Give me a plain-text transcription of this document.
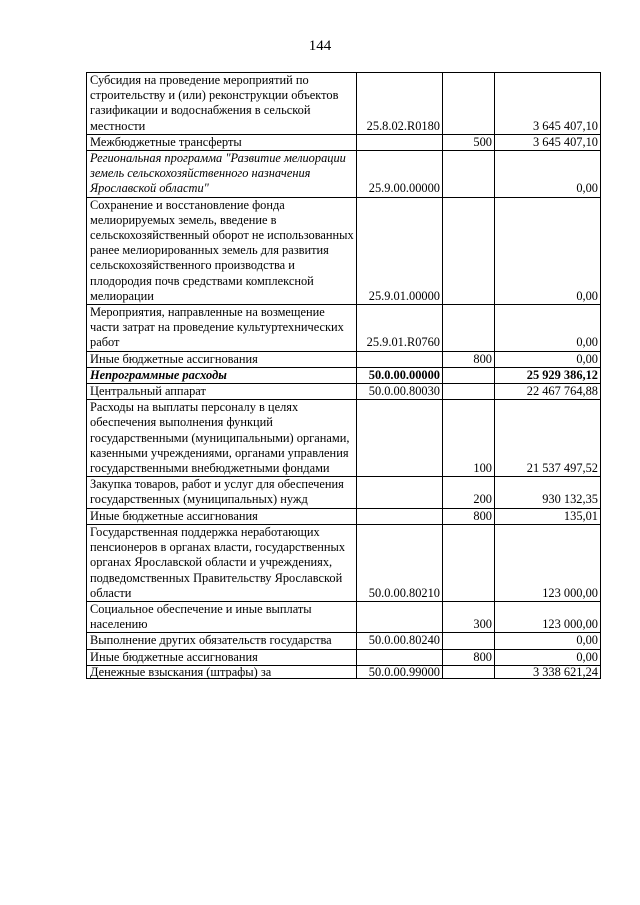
144
Субсидия на проведение мероприятий по строительству и (или) реконструкции объектов газификации и водоснабжения в сельской местности	25.8.02.R0180		3 645 407,10
Межбюджетные трансферты		500	3 645 407,10
Региональная программа "Развитие мелиорации земель сельскохозяйственного назначения Ярославской области"	25.9.00.00000		0,00
Сохранение и восстановление фонда мелиорируемых земель, введение в сельскохозяйственный оборот не использованных ранее мелиорированных земель для развития сельскохозяйственного производства и плодородия почв средствами комплексной мелиорации	25.9.01.00000		0,00
Мероприятия, направленные на возмещение части затрат на проведение культуртехнических работ	25.9.01.R0760		0,00
Иные бюджетные ассигнования		800	0,00
Непрограммные расходы	50.0.00.00000		25 929 386,12
Центральный аппарат	50.0.00.80030		22 467 764,88
Расходы на выплаты персоналу в целях обеспечения выполнения функций государственными (муниципальными) органами, казенными учреждениями, органами управления государственными внебюджетными фондами		100	21 537 497,52
Закупка товаров, работ и услуг для обеспечения государственных (муниципальных) нужд		200	930 132,35
Иные бюджетные ассигнования		800	135,01
Государственная поддержка неработающих пенсионеров в органах власти, государственных органах Ярославской области и учреждениях, подведомственных Правительству Ярославской области	50.0.00.80210		123 000,00
Социальное обеспечение и иные выплаты населению		300	123 000,00
Выполнение других обязательств государства	50.0.00.80240		0,00
Иные бюджетные ассигнования		800	0,00
Денежные взыскания (штрафы) за	50.0.00.99000		3 338 621,24
